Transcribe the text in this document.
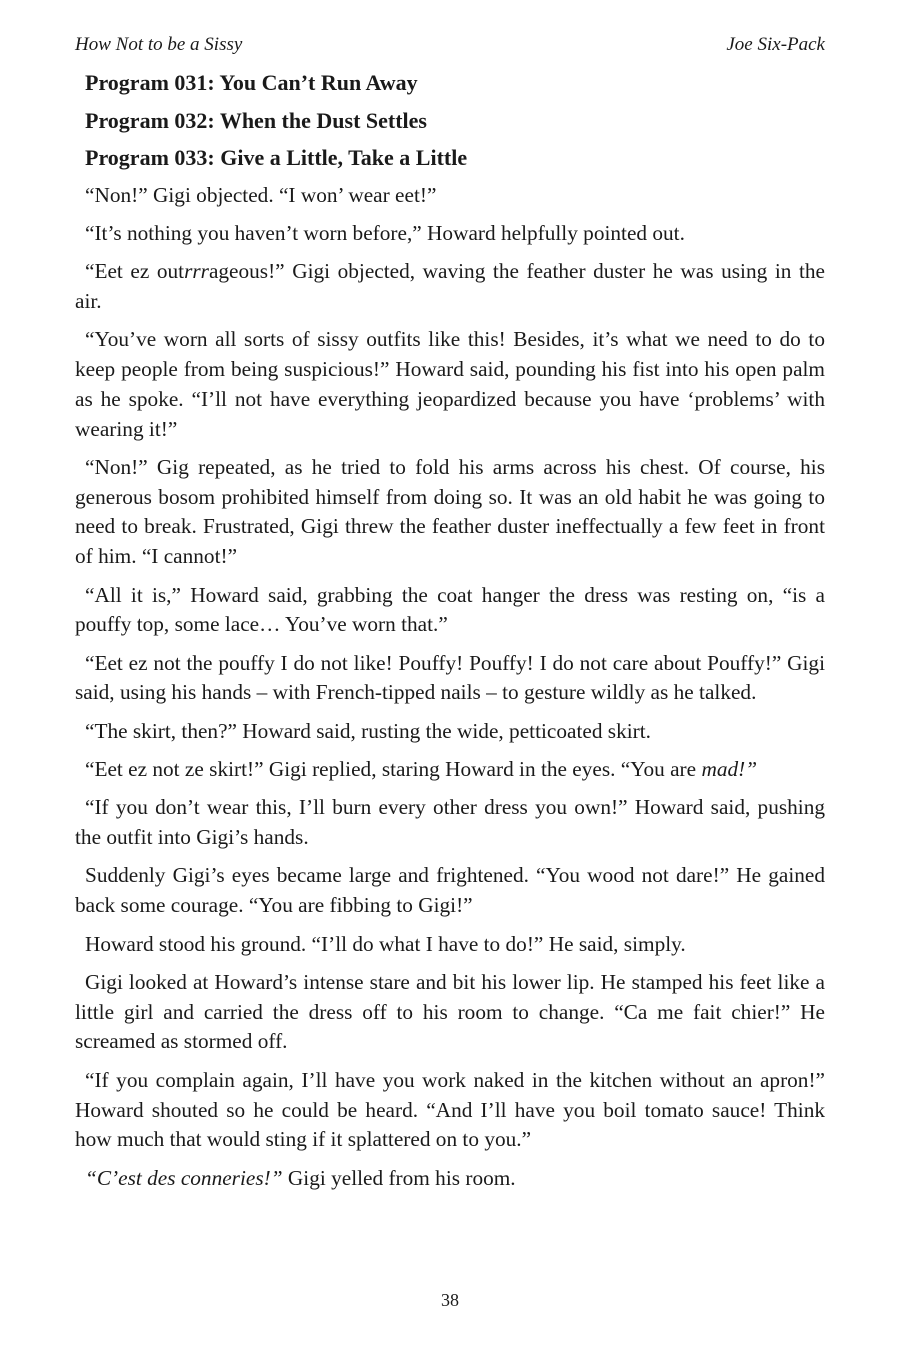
How Not to be a Sissy	Joe Six-Pack
Program 031: You Can’t Run Away
Program 032: When the Dust Settles
Program 033: Give a Little, Take a Little

“Non!” Gigi objected. “I won’ wear eet!”

“It’s nothing you haven’t worn before,” Howard helpfully pointed out.

“Eet ez outrrrageous!” Gigi objected, waving the feather duster he was using in the air.

“You’ve worn all sorts of sissy outfits like this! Besides, it’s what we need to do to keep people from being suspicious!” Howard said, pounding his fist into his open palm as he spoke. “I’ll not have everything jeopardized because you have ‘problems’ with wearing it!”

“Non!” Gig repeated, as he tried to fold his arms across his chest. Of course, his generous bosom prohibited himself from doing so. It was an old habit he was going to need to break. Frustrated, Gigi threw the feather duster ineffectually a few feet in front of him. “I cannot!”

“All it is,” Howard said, grabbing the coat hanger the dress was resting on, “is a pouffy top, some lace… You’ve worn that.”

“Eet ez not the pouffy I do not like! Pouffy! Pouffy! I do not care about Pouffy!” Gigi said, using his hands – with French-tipped nails – to gesture wildly as he talked.

“The skirt, then?” Howard said, rusting the wide, petticoated skirt.

“Eet ez not ze skirt!” Gigi replied, staring Howard in the eyes. “You are mad!”

“If you don’t wear this, I’ll burn every other dress you own!” Howard said, pushing the outfit into Gigi’s hands.

Suddenly Gigi’s eyes became large and frightened. “You wood not dare!” He gained back some courage. “You are fibbing to Gigi!”

Howard stood his ground. “I’ll do what I have to do!” He said, simply.

Gigi looked at Howard’s intense stare and bit his lower lip. He stamped his feet like a little girl and carried the dress off to his room to change. “Ca me fait chier!” He screamed as stormed off.

“If you complain again, I’ll have you work naked in the kitchen without an apron!” Howard shouted so he could be heard. “And I’ll have you boil tomato sauce! Think how much that would sting if it splattered on to you.”

“C’est des conneries!” Gigi yelled from his room.

38
